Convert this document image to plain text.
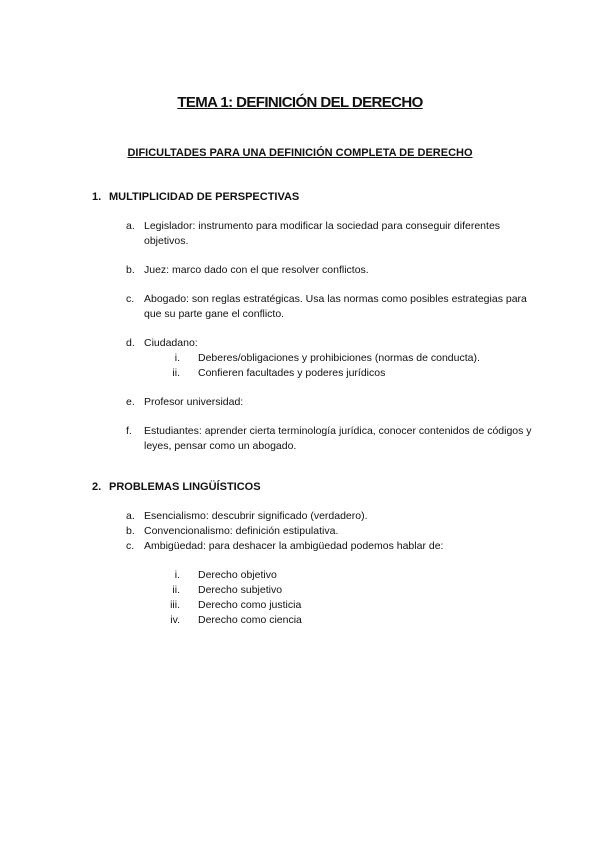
TEMA 1: DEFINICIÓN DEL DERECHO
DIFICULTADES PARA UNA DEFINICIÓN COMPLETA DE DERECHO
1. MULTIPLICIDAD DE PERSPECTIVAS
a. Legislador: instrumento para modificar la sociedad para conseguir diferentes objetivos.
b. Juez: marco dado con el que resolver conflictos.
c. Abogado: son reglas estratégicas. Usa las normas como posibles estrategias para que su parte gane el conflicto.
d. Ciudadano:
i.	Deberes/obligaciones y prohibiciones (normas de conducta).
ii.	Confieren facultades y poderes jurídicos
e. Profesor universidad:
f.	Estudiantes: aprender cierta terminología jurídica, conocer contenidos de códigos y leyes, pensar como un abogado.
2. PROBLEMAS LINGÜÍSTICOS
a. Esencialismo: descubrir significado (verdadero).
b. Convencionalismo: definición estipulativa.
c. Ambigüedad: para deshacer la ambigüedad podemos hablar de:
i.	Derecho objetivo
ii.	Derecho subjetivo
iii.	Derecho como justicia
iv.	Derecho como ciencia
